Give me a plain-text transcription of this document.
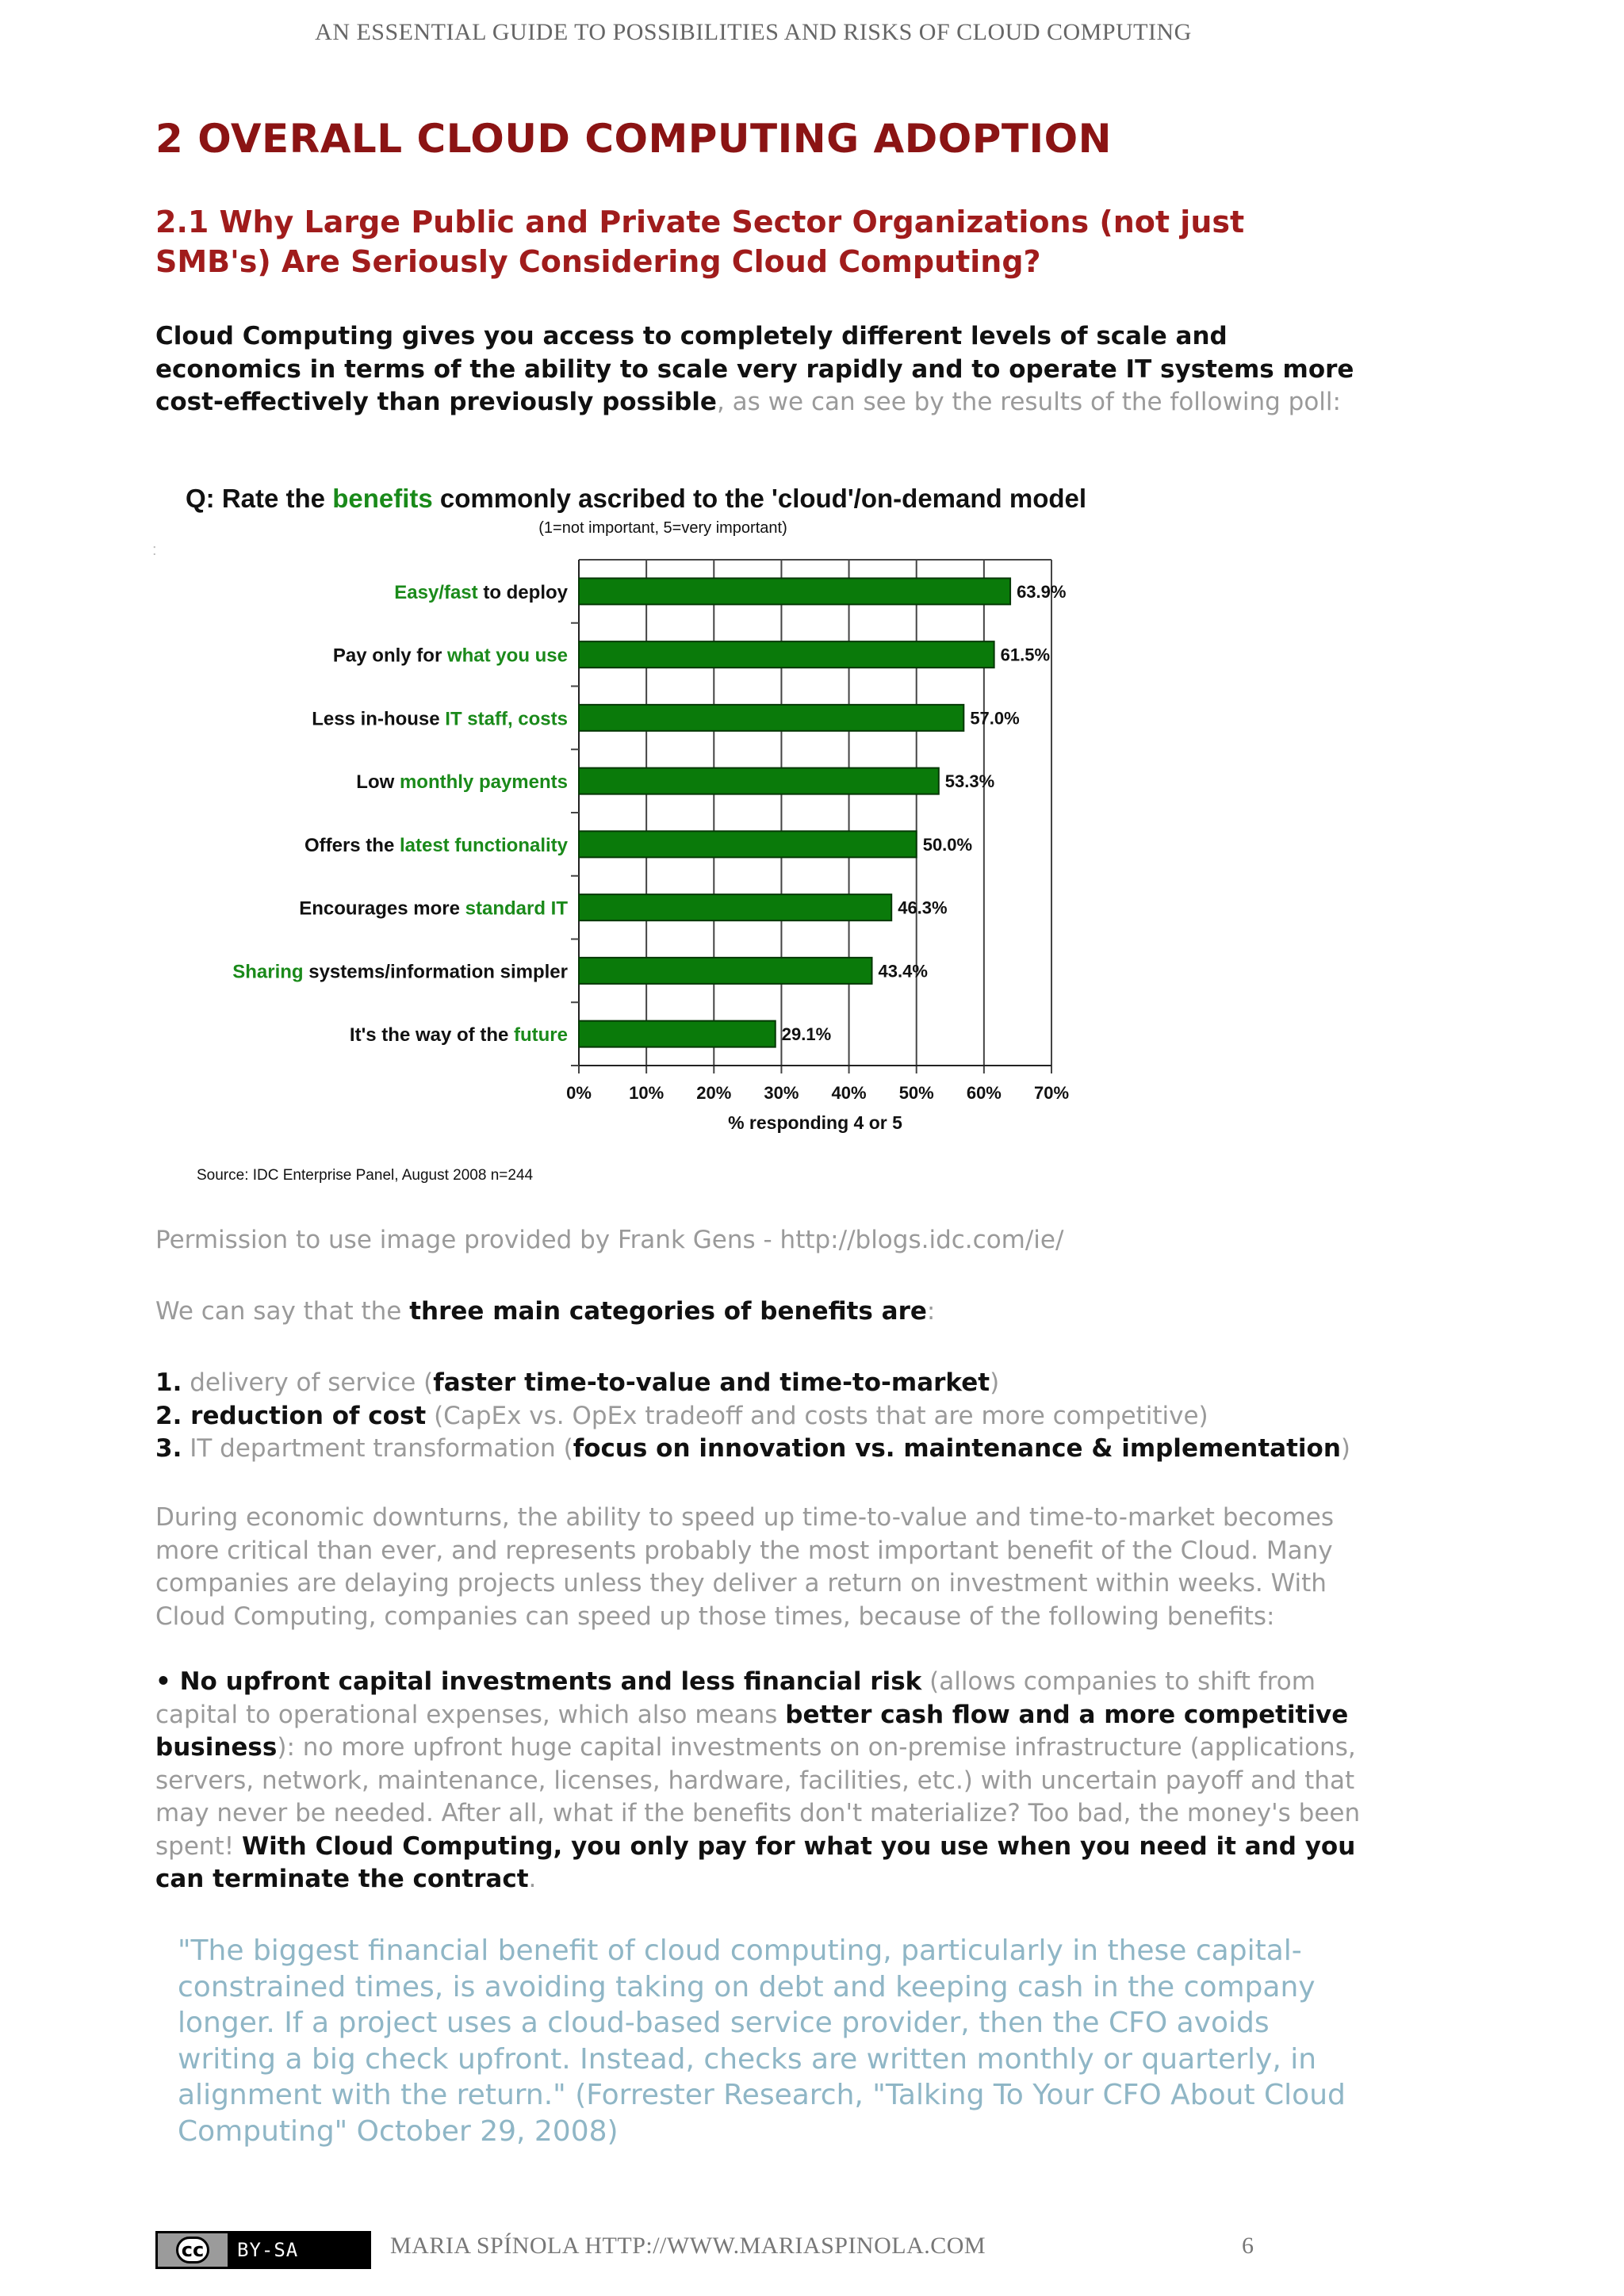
AN ESSENTIAL GUIDE TO POSSIBILITIES AND RISKS OF CLOUD COMPUTING
2 OVERALL CLOUD COMPUTING ADOPTION
2.1 Why Large Public and Private Sector Organizations (not just SMB's) Are Seriously Considering Cloud Computing?

Cloud Computing gives you access to completely different levels of scale and economics in terms of the ability to scale very rapidly and to operate IT systems more cost-effectively than previously possible, as we can see by the results of the following poll:

Q: Rate the benefits commonly ascribed to the 'cloud'/on-demand model
(1=not important, 5=very important)
:
0% 10% 20% 30% 40% 50% 60% 70%
63.9%
Easy/fast to deploy
61.5%
Pay only for what you use
57.0%
Less in-house IT staff, costs
53.3%
Low monthly payments
50.0%
Offers the latest functionality
46.3%
Encourages more standard IT
43.4%
Sharing systems/information simpler
29.1%
It's the way of the future
% responding 4 or 5
Source: IDC Enterprise Panel, August 2008 n=244

Permission to use image provided by Frank Gens - http://blogs.idc.com/ie/

We can say that the three main categories of benefits are:

1. delivery of service (faster time-to-value and time-to-market)
2. reduction of cost (CapEx vs. OpEx tradeoff and costs that are more competitive)
3. IT department transformation (focus on innovation vs. maintenance & implementation)

During economic downturns, the ability to speed up time-to-value and time-to-market becomes more critical than ever, and represents probably the most important benefit of the Cloud. Many companies are delaying projects unless they deliver a return on investment within weeks. With Cloud Computing, companies can speed up those times, because of the following benefits:

• No upfront capital investments and less financial risk (allows companies to shift from capital to operational expenses, which also means better cash flow and a more competitive business): no more upfront huge capital investments on on-premise infrastructure (applications, servers, network, maintenance, licenses, hardware, facilities, etc.) with uncertain payoff and that may never be needed. After all, what if the benefits don't materialize? Too bad, the money's been spent! With Cloud Computing, you only pay for what you use when you need it and you can terminate the contract.

"The biggest financial benefit of cloud computing, particularly in these capital-constrained times, is avoiding taking on debt and keeping cash in the company longer. If a project uses a cloud-based service provider, then the CFO avoids writing a big check upfront. Instead, checks are written monthly or quarterly, in alignment with the return." (Forrester Research, "Talking To Your CFO About Cloud Computing" October 29, 2008)

cc	BY-SA	MARIA SPÍNOLA HTTP://WWW.MARIASPINOLA.COM	6
